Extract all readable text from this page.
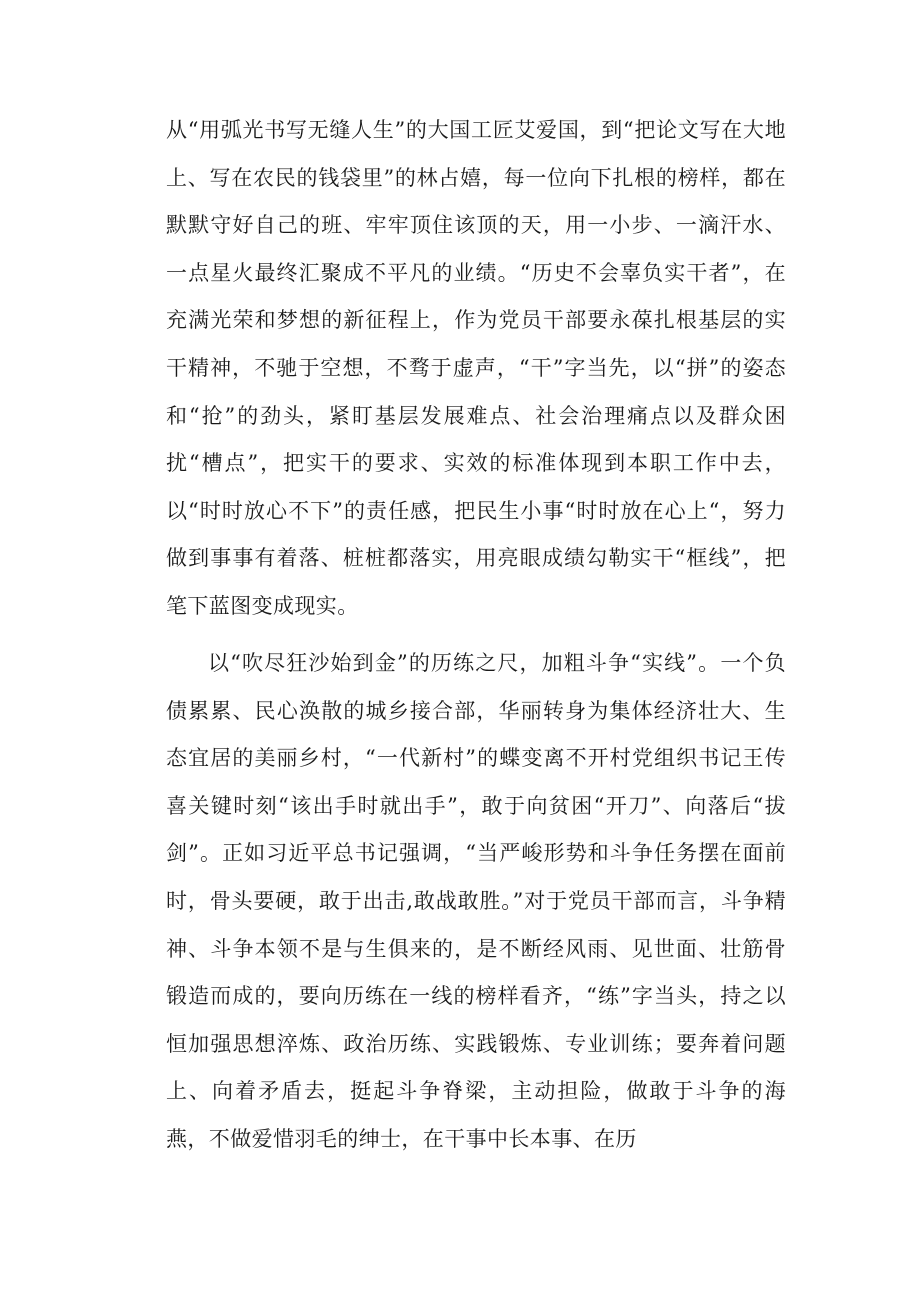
从“用弧光书写无缝人生”的大国工匠艾爱国，到“把论文写在大地上、写在农民的钱袋里”的林占嬉，每一位向下扎根的榜样，都在默默守好自己的班、牢牢顶住该顶的天，用一小步、一滴汗水、一点星火最终汇聚成不平凡的业绩。“历史不会辜负实干者”，在充满光荣和梦想的新征程上，作为党员干部要永葆扎根基层的实干精神，不驰于空想，不骛于虚声，“干”字当先，以“拼”的姿态和“抢”的劲头，紧盯基层发展难点、社会治理痛点以及群众困扰“槽点”，把实干的要求、实效的标准体现到本职工作中去，以“时时放心不下”的责任感，把民生小事“时时放在心上“，努力做到事事有着落、桩桩都落实，用亮眼成绩勾勒实干“框线”，把笔下蓝图变成现实。

以“吹尽狂沙始到金”的历练之尺，加粗斗争“实线”。一个负债累累、民心涣散的城乡接合部，华丽转身为集体经济壮大、生态宜居的美丽乡村，“一代新村”的蝶变离不开村党组织书记王传喜关键时刻“该出手时就出手”，敢于向贫困“开刀”、向落后“拔剑”。正如习近平总书记强调，“当严峻形势和斗争任务摆在面前时，骨头要硬，敢于出击,敢战敢胜。”对于党员干部而言，斗争精神、斗争本领不是与生俱来的，是不断经风雨、见世面、壮筋骨锻造而成的，要向历练在一线的榜样看齐，“练”字当头，持之以恒加强思想淬炼、政治历练、实践锻炼、专业训练；要奔着问题上、向着矛盾去，挺起斗争脊梁，主动担险，做敢于斗争的海燕，不做爱惜羽毛的绅士，在干事中长本事、在历
